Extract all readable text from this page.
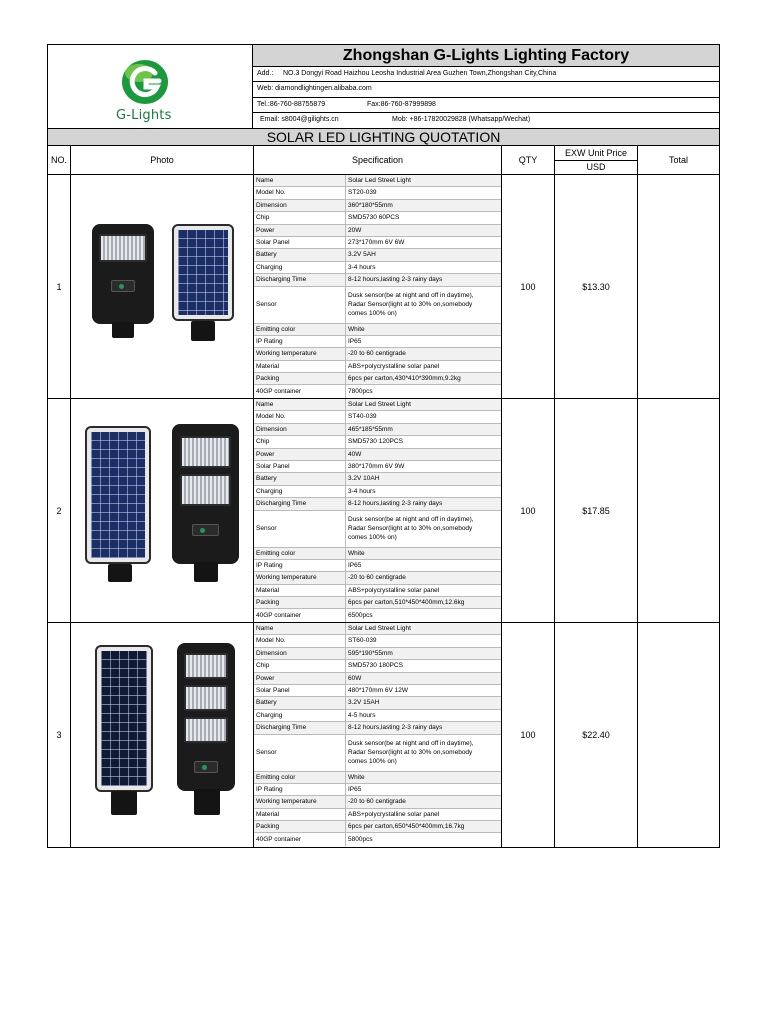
G-Lights
Zhongshan G-Lights Lighting Factory
Add.:	NO.3 Dongyi Road Haizhou Leosha Industrial Area Guzhen Town,Zhongshan City,China
Web: diamondlightingen.alibaba.com
Tel.:86-760-88755879	Fax:86-760-87999898
Email: s8004@gilights.cn	Mob: +86-17820029828 (Whatsapp/Wechat)
SOLAR LED LIGHTING QUOTATION
NO.	Photo	Specification	QTY
EXW Unit Price
USD
Total
1
Name	Solar Led Street Light
Model No.	ST20-039
Dimension	360*180*55mm
Chip	SMD5730 60PCS
Power	20W
Solar Panel	273*170mm 6V 6W
Battery	3.2V 5AH
Charging	3-4 hours
Discharging Time	8-12 hours,lasting 2-3 rainy days
Sensor
Dusk sensor(be at night and off in daytime), Radar Sensor(light at to 30% on,somebody comes 100% on)
Emitting color	White
IP Rating	IP65
Working temperature	-20 to 60 centigrade
Material	ABS+polycrystalline solar panel
Packing	6pcs per carton,430*410*390mm,9.2kg
40GP container	7800pcs
100	$13.30
2
Name	Solar Led Street Light
Model No.	ST40-039
Dimension	465*185*55mm
Chip	SMD5730 120PCS
Power	40W
Solar Panel	380*170mm 6V 9W
Battery	3.2V 10AH
Charging	3-4 hours
Discharging Time	8-12 hours,lasting 2-3 rainy days
Sensor
Dusk sensor(be at night and off in daytime), Radar Sensor(light at to 30% on,somebody comes 100% on)
Emitting color	White
IP Rating	IP65
Working temperature	-20 to 60 centigrade
Material	ABS+polycrystalline solar panel
Packing	6pcs per carton,510*450*400mm,12.6kg
40GP container	6500pcs
100	$17.85
3
Name	Solar Led Street Light
Model No.	ST60-039
Dimension	595*190*55mm
Chip	SMD5730 180PCS
Power	60W
Solar Panel	480*170mm 6V 12W
Battery	3.2V 15AH
Charging	4-5 hours
Discharging Time	8-12 hours,lasting 2-3 rainy days
Sensor
Dusk sensor(be at night and off in daytime), Radar Sensor(light at to 30% on,somebody comes 100% on)
Emitting color	White
IP Rating	IP65
Working temperature	-20 to 60 centigrade
Material	ABS+polycrystalline solar panel
Packing	6pcs per carton,650*450*400mm,16.7kg
40GP container	5800pcs
100	$22.40
